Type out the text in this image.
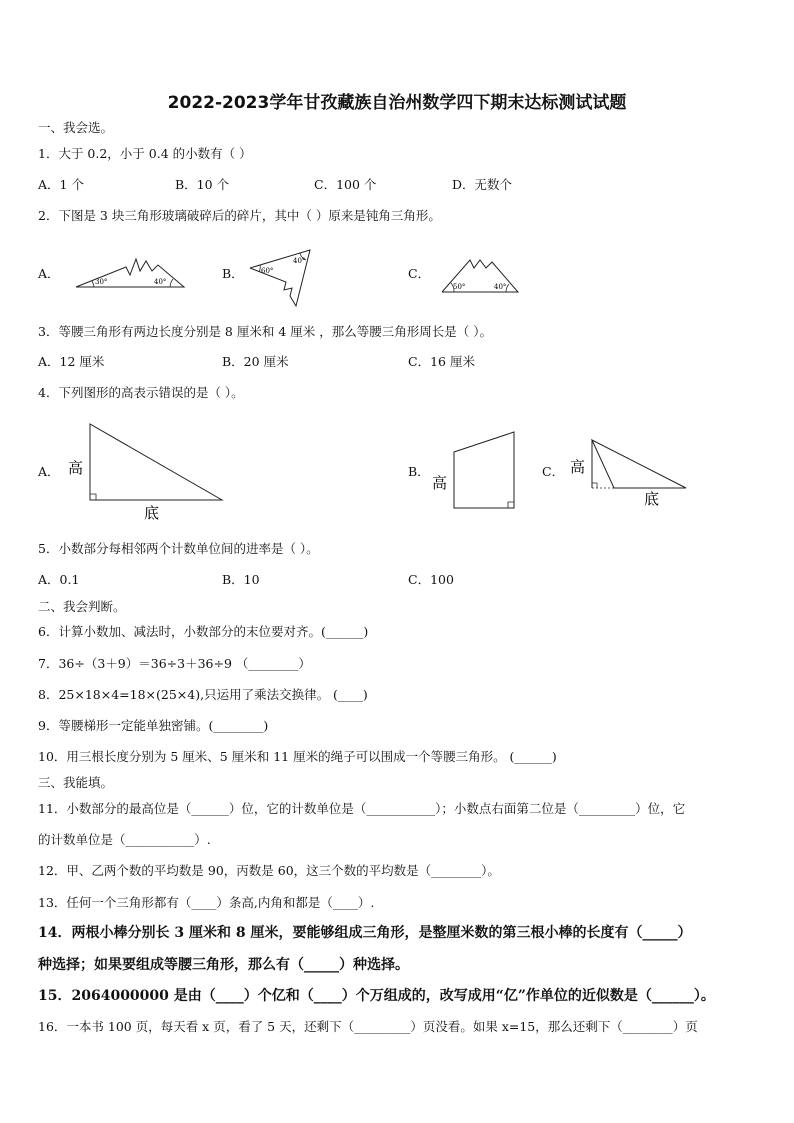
2022-2023学年甘孜藏族自治州数学四下期末达标测试试题
一、我会选。
1．大于 0.2，小于 0.4 的小数有（ ）
A．1 个	B．10 个	C．100 个	D．无数个
2．下图是 3 块三角形玻璃破碎后的碎片，其中（ ）原来是钝角三角形。
A．
30°	40°
B． 60°
40°
C．
50°	40°
3．等腰三角形有两边长度分别是 8 厘米和 4 厘米 ，那么等腰三角形周长是（ ）。
A．12 厘米	B．20 厘米	C．16 厘米
4．下列图形的高表示错误的是（ ）。
A． 高
底
B．
高
C． 高
底
5．小数部分每相邻两个计数单位间的进率是（ ）。
A．0.1	B．10	C．100
二、我会判断。
6．计算小数加、减法时，小数部分的末位要对齐。(______)
7．36÷（3＋9）＝36÷3＋36÷9 （________）
8．25×18×4=18×(25×4),只运用了乘法交换律。 (____)
9．等腰梯形一定能单独密铺。(________)
10．用三根长度分别为 5 厘米、5 厘米和 11 厘米的绳子可以围成一个等腰三角形。 (______)
三、我能填。
11．小数部分的最高位是（______）位，它的计数单位是（___________）；小数点右面第二位是（_________）位，它
的计数单位是（___________）.
12．甲、乙两个数的平均数是 90，丙数是 60，这三个数的平均数是（________）。
13．任何一个三角形都有（____）条高,内角和都是（____）.
14．两根小棒分别长 3 厘米和 8 厘米，要能够组成三角形，是整厘米数的第三根小棒的长度有（_____）
种选择；如果要组成等腰三角形，那么有（_____）种选择。
15．2064000000 是由（____）个亿和（____）个万组成的，改写成用“亿”作单位的近似数是（______）。
16．一本书 100 页，每天看 x 页，看了 5 天，还剩下（_________）页没看。如果 x=15，那么还剩下（________）页
